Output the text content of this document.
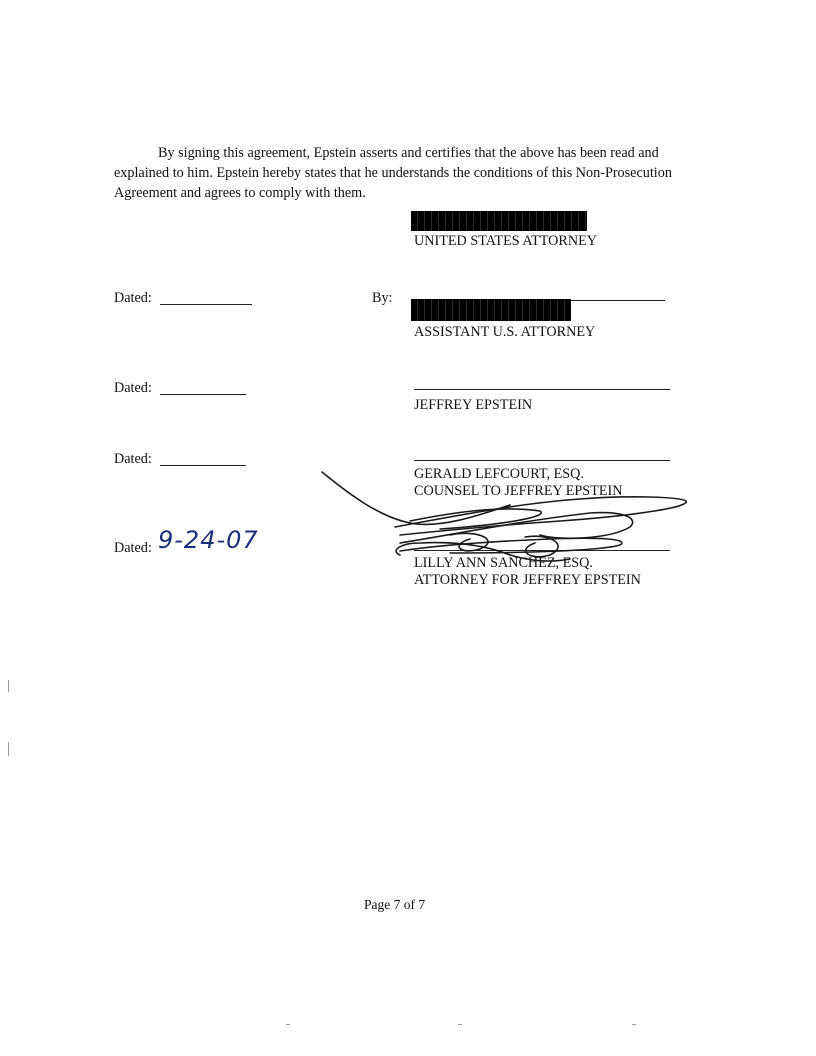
By signing this agreement, Epstein asserts and certifies that the above has been read and explained to him. Epstein hereby states that he understands the conditions of this Non-Prosecution Agreement and agrees to comply with them.

UNITED STATES ATTORNEY
Dated:	By:
ASSISTANT U.S. ATTORNEY
Dated:
JEFFREY EPSTEIN
Dated:
GERALD LEFCOURT, ESQ.
COUNSEL TO JEFFREY EPSTEIN
Dated: 9-24-07
LILLY ANN SANCHEZ, ESQ.
ATTORNEY FOR JEFFREY EPSTEIN
Page 7 of 7
